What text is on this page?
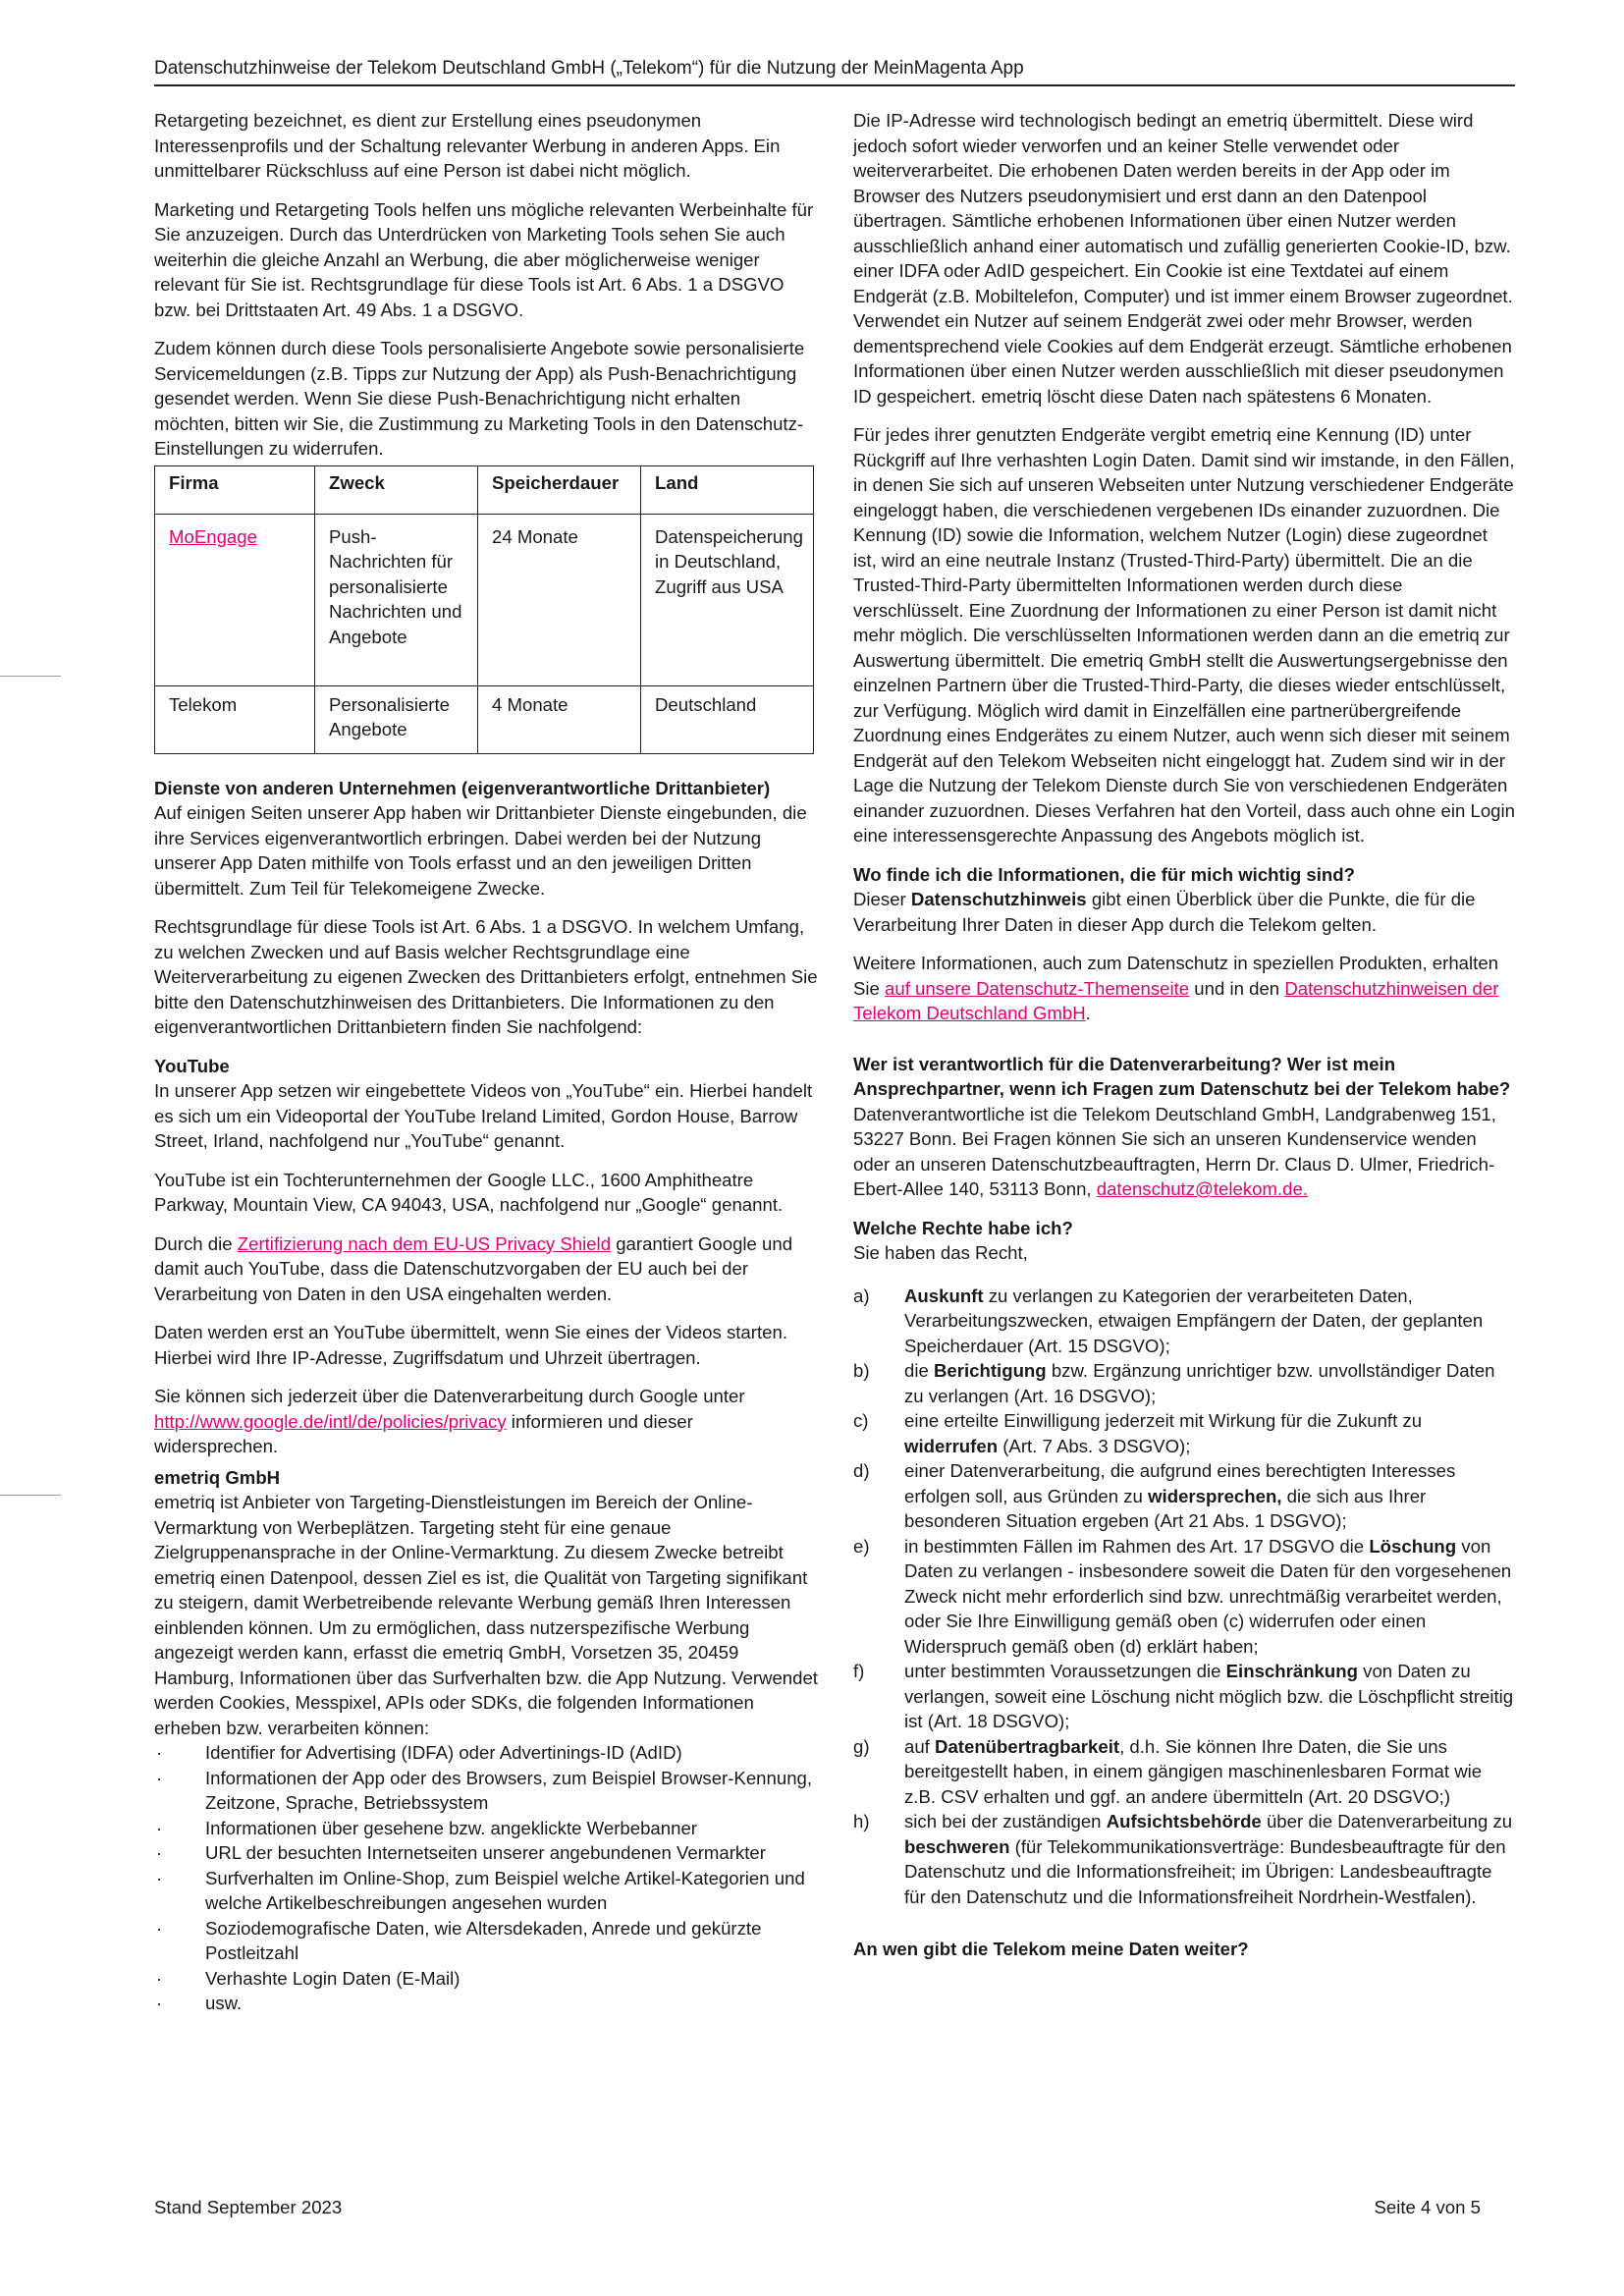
Datenschutzhinweise der Telekom Deutschland GmbH („Telekom“) für die Nutzung der MeinMagenta App

Retargeting bezeichnet, es dient zur Erstellung eines pseudonymen Interessenprofils und der Schaltung relevanter Werbung in anderen Apps. Ein unmittelbarer Rückschluss auf eine Person ist dabei nicht möglich.

Marketing und Retargeting Tools helfen uns mögliche relevanten Werbeinhalte für Sie anzuzeigen. Durch das Unterdrücken von Marketing Tools sehen Sie auch weiterhin die gleiche Anzahl an Werbung, die aber möglicherweise weniger relevant für Sie ist. Rechtsgrundlage für diese Tools ist Art. 6 Abs. 1 a DSGVO bzw. bei Drittstaaten Art. 49 Abs. 1 a DSGVO.

Zudem können durch diese Tools personalisierte Angebote sowie personalisierte Servicemeldungen (z.B. Tipps zur Nutzung der App) als Push-Benachrichtigung gesendet werden. Wenn Sie diese Push-Benachrichtigung nicht erhalten möchten, bitten wir Sie, die Zustimmung zu Marketing Tools in den Datenschutz-Einstellungen zu widerrufen.

Firma	Zweck	Speicherdauer	Land
MoEngage	Push-Nachrichten für personalisierte Nachrichten und Angebote	24 Monate	Datenspeicherung in Deutschland, Zugriff aus USA
Telekom	Personalisierte Angebote	4 Monate	Deutschland
Dienste von anderen Unternehmen (eigenverantwortliche Drittanbieter)

Auf einigen Seiten unserer App haben wir Drittanbieter Dienste eingebunden, die ihre Services eigenverantwortlich erbringen. Dabei werden bei der Nutzung unserer App Daten mithilfe von Tools erfasst und an den jeweiligen Dritten übermittelt. Zum Teil für Telekomeigene Zwecke.

Rechtsgrundlage für diese Tools ist Art. 6 Abs. 1 a DSGVO. In welchem Umfang, zu welchen Zwecken und auf Basis welcher Rechtsgrundlage eine Weiterverarbeitung zu eigenen Zwecken des Drittanbieters erfolgt, entnehmen Sie bitte den Datenschutzhinweisen des Drittanbieters. Die Informationen zu den eigenverantwortlichen Drittanbietern finden Sie nachfolgend:

YouTube

In unserer App setzen wir eingebettete Videos von „YouTube“ ein. Hierbei handelt es sich um ein Videoportal der YouTube Ireland Limited, Gordon House, Barrow Street, Irland, nachfolgend nur „YouTube“ genannt.

YouTube ist ein Tochterunternehmen der Google LLC., 1600 Amphitheatre Parkway, Mountain View, CA 94043, USA, nachfolgend nur „Google“ genannt.

Durch die Zertifizierung nach dem EU-US Privacy Shield garantiert Google und damit auch YouTube, dass die Datenschutzvorgaben der EU auch bei der Verarbeitung von Daten in den USA eingehalten werden.

Daten werden erst an YouTube übermittelt, wenn Sie eines der Videos starten. Hierbei wird Ihre IP-Adresse, Zugriffsdatum und Uhrzeit übertragen.

Sie können sich jederzeit über die Datenverarbeitung durch Google unter http://www.google.de/intl/de/policies/privacy informieren und dieser widersprechen.

emetriq GmbH

emetriq ist Anbieter von Targeting-Dienstleistungen im Bereich der Online-Vermarktung von Werbeplätzen. Targeting steht für eine genaue Zielgruppenansprache in der Online-Vermarktung. Zu diesem Zwecke betreibt emetriq einen Datenpool, dessen Ziel es ist, die Qualität von Targeting signifikant zu steigern, damit Werbetreibende relevante Werbung gemäß Ihren Interessen einblenden können. Um zu ermöglichen, dass nutzerspezifische Werbung angezeigt werden kann, erfasst die emetriq GmbH, Vorsetzen 35, 20459 Hamburg, Informationen über das Surfverhalten bzw. die App Nutzung. Verwendet werden Cookies, Messpixel, APIs oder SDKs, die folgenden Informationen erheben bzw. verarbeiten können:

· Identifier for Advertising (IDFA) oder Advertinings-ID (AdID)
· Informationen der App oder des Browsers, zum Beispiel Browser-Kennung, Zeitzone, Sprache, Betriebssystem
· Informationen über gesehene bzw. angeklickte Werbebanner
· URL der besuchten Internetseiten unserer angebundenen Vermarkter
· Surfverhalten im Online-Shop, zum Beispiel welche Artikel-Kategorien und welche Artikelbeschreibungen angesehen wurden
· Soziodemografische Daten, wie Altersdekaden, Anrede und gekürzte Postleitzahl
· Verhashte Login Daten (E-Mail)
· usw.

Die IP-Adresse wird technologisch bedingt an emetriq übermittelt. Diese wird jedoch sofort wieder verworfen und an keiner Stelle verwendet oder weiterverarbeitet. Die erhobenen Daten werden bereits in der App oder im Browser des Nutzers pseudonymisiert und erst dann an den Datenpool übertragen. Sämtliche erhobenen Informationen über einen Nutzer werden ausschließlich anhand einer automatisch und zufällig generierten Cookie-ID, bzw. einer IDFA oder AdID gespeichert. Ein Cookie ist eine Textdatei auf einem Endgerät (z.B. Mobiltelefon, Computer) und ist immer einem Browser zugeordnet. Verwendet ein Nutzer auf seinem Endgerät zwei oder mehr Browser, werden dementsprechend viele Cookies auf dem Endgerät erzeugt. Sämtliche erhobenen Informationen über einen Nutzer werden ausschließlich mit dieser pseudonymen ID gespeichert. emetriq löscht diese Daten nach spätestens 6 Monaten.

Für jedes ihrer genutzten Endgeräte vergibt emetriq eine Kennung (ID) unter Rückgriff auf Ihre verhashten Login Daten. Damit sind wir imstande, in den Fällen, in denen Sie sich auf unseren Webseiten unter Nutzung verschiedener Endgeräte eingeloggt haben, die verschiedenen vergebenen IDs einander zuzuordnen. Die Kennung (ID) sowie die Information, welchem Nutzer (Login) diese zugeordnet ist, wird an eine neutrale Instanz (Trusted-Third-Party) übermittelt. Die an die Trusted-Third-Party übermittelten Informationen werden durch diese verschlüsselt. Eine Zuordnung der Informationen zu einer Person ist damit nicht mehr möglich. Die verschlüsselten Informationen werden dann an die emetriq zur Auswertung übermittelt. Die emetriq GmbH stellt die Auswertungsergebnisse den einzelnen Partnern über die Trusted-Third-Party, die dieses wieder entschlüsselt, zur Verfügung. Möglich wird damit in Einzelfällen eine partnerübergreifende Zuordnung eines Endgerätes zu einem Nutzer, auch wenn sich dieser mit seinem Endgerät auf den Telekom Webseiten nicht eingeloggt hat. Zudem sind wir in der Lage die Nutzung der Telekom Dienste durch Sie von verschiedenen Endgeräten einander zuzuordnen. Dieses Verfahren hat den Vorteil, dass auch ohne ein Login eine interessensgerechte Anpassung des Angebots möglich ist.

Wo finde ich die Informationen, die für mich wichtig sind?

Dieser Datenschutzhinweis gibt einen Überblick über die Punkte, die für die Verarbeitung Ihrer Daten in dieser App durch die Telekom gelten.

Weitere Informationen, auch zum Datenschutz in speziellen Produkten, erhalten Sie auf unsere Datenschutz-Themenseite und in den Datenschutzhinweisen der Telekom Deutschland GmbH.

Wer ist verantwortlich für die Datenverarbeitung? Wer ist mein Ansprechpartner, wenn ich Fragen zum Datenschutz bei der Telekom habe?

Datenverantwortliche ist die Telekom Deutschland GmbH, Landgrabenweg 151, 53227 Bonn. Bei Fragen können Sie sich an unseren Kundenservice wenden oder an unseren Datenschutzbeauftragten, Herrn Dr. Claus D. Ulmer, Friedrich-Ebert-Allee 140, 53113 Bonn, datenschutz@telekom.de.

Welche Rechte habe ich?
Sie haben das Recht,
a) Auskunft zu verlangen zu Kategorien der verarbeiteten Daten, Verarbeitungszwecken, etwaigen Empfängern der Daten, der geplanten Speicherdauer (Art. 15 DSGVO);
b) die Berichtigung bzw. Ergänzung unrichtiger bzw. unvollständiger Daten zu verlangen (Art. 16 DSGVO);
c) eine erteilte Einwilligung jederzeit mit Wirkung für die Zukunft zu widerrufen (Art. 7 Abs. 3 DSGVO);
d) einer Datenverarbeitung, die aufgrund eines berechtigten Interesses erfolgen soll, aus Gründen zu widersprechen, die sich aus Ihrer besonderen Situation ergeben (Art 21 Abs. 1 DSGVO);
e) in bestimmten Fällen im Rahmen des Art. 17 DSGVO die Löschung von Daten zu verlangen - insbesondere soweit die Daten für den vorgesehenen Zweck nicht mehr erforderlich sind bzw. unrechtmäßig verarbeitet werden, oder Sie Ihre Einwilligung gemäß oben (c) widerrufen oder einen Widerspruch gemäß oben (d) erklärt haben;
f) unter bestimmten Voraussetzungen die Einschränkung von Daten zu verlangen, soweit eine Löschung nicht möglich bzw. die Löschpflicht streitig ist (Art. 18 DSGVO);
g) auf Datenübertragbarkeit, d.h. Sie können Ihre Daten, die Sie uns bereitgestellt haben, in einem gängigen maschinenlesbaren Format wie z.B. CSV erhalten und ggf. an andere übermitteln (Art. 20 DSGVO;)
h) sich bei der zuständigen Aufsichtsbehörde über die Datenverarbeitung zu beschweren (für Telekommunikationsverträge: Bundesbeauftragte für den Datenschutz und die Informationsfreiheit; im Übrigen: Landesbeauftragte für den Datenschutz und die Informationsfreiheit Nordrhein-Westfalen).
An wen gibt die Telekom meine Daten weiter?
Stand September 2023	Seite 4 von 5
